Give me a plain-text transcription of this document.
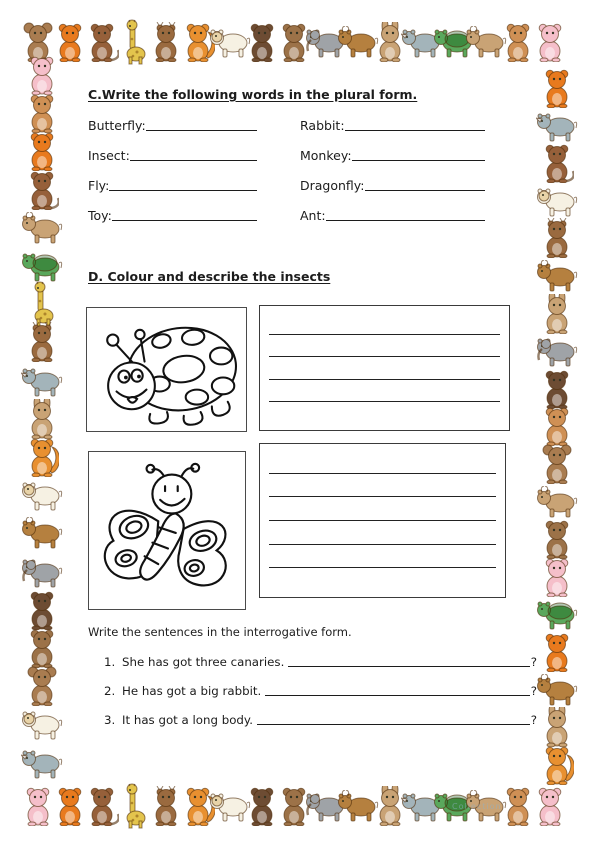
C.Write the following words in the plural form.
Butterfly:	Rabbit:
Insect:	Monkey:
Fly:	Dragonfly:
Toy:	Ant:
D. Colour and describe the insects
Write the sentences in the interrogative form.
1. She has got three canaries.	?
2. He has got a big rabbit.	?
3. It has got a long body.	?
Collection
